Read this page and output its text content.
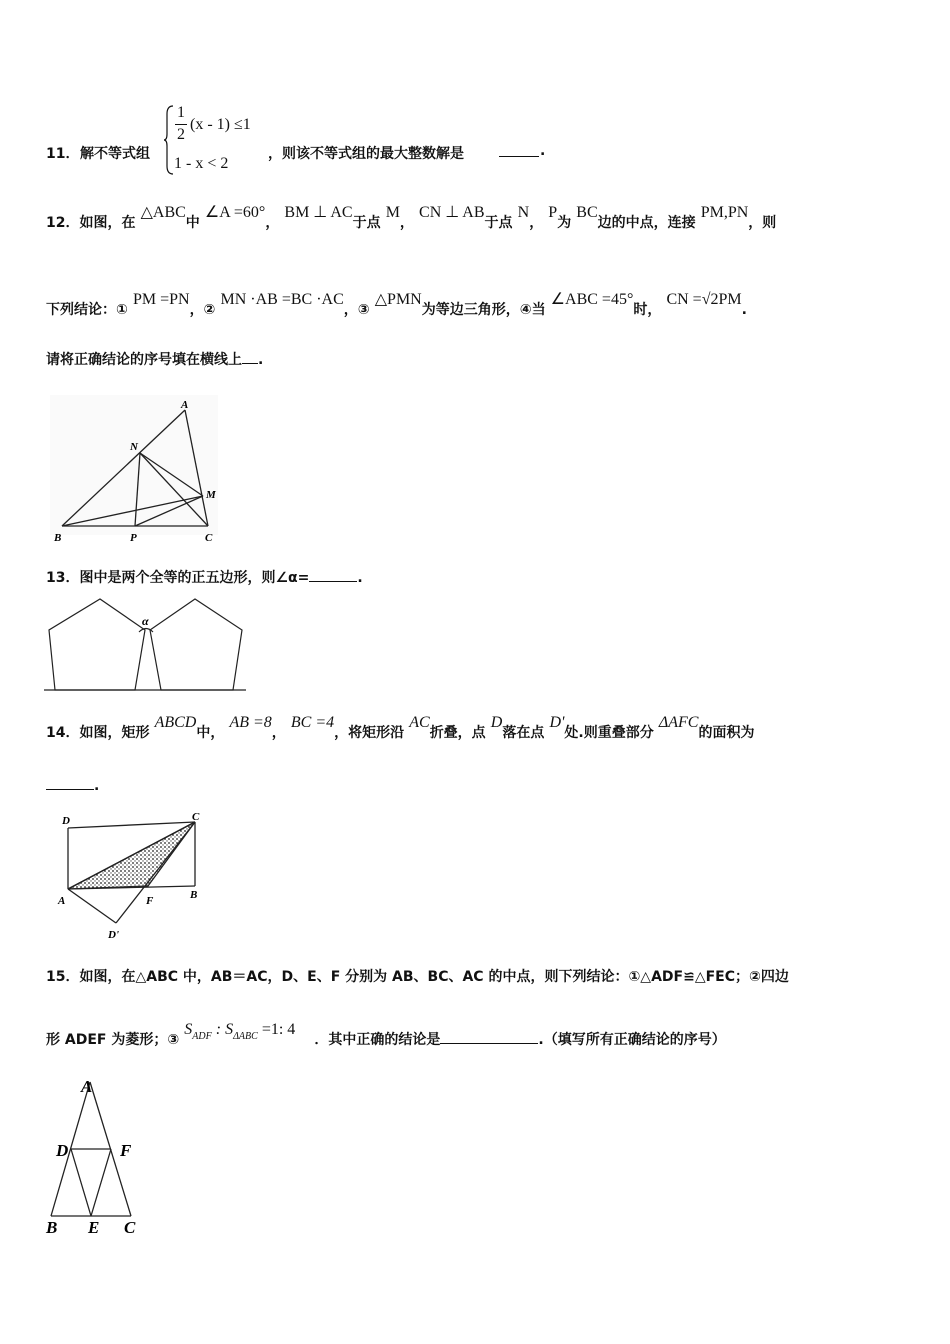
11． 解不等式组
1
2
(x - 1) ≤1
1 - x < 2
，则该不等式组的最大整数解是	.
12．如图，在 △ABC中 ∠A =60°， BM ⊥ AC于点 M， CN ⊥ AB于点 N， P为 BC边的中点，连接 PM,PN，则
下列结论：① PM =PN，② MN ·AB =BC ·AC，③ △PMN为等边三角形，④当 ∠ABC =45°时， CN =√2PM.
请将正确结论的序号填在横线上 .
A
N
M
B	P	C
13．图中是两个全等的正五边形，则∠α=	.
α
14．如图，矩形 ABCD中， AB =8， BC =4，将矩形沿 AC折叠，点 D落在点 D'处.则重叠部分 ΔAFC的面积为
.
D	C
A	F	B
D'
15．如图，在△ABC 中，AB＝AC，D、E、F 分别为 AB、BC、AC 的中点，则下列结论：①△ADF≌△FEC；②四边
形 ADEF 为菱形；③ $S^{ADF}$ : $S^{\Delta ABC} =1$: 4 ．其中正确的结论是	.（填写所有正确结论的序号）
A
D	F
B E C
